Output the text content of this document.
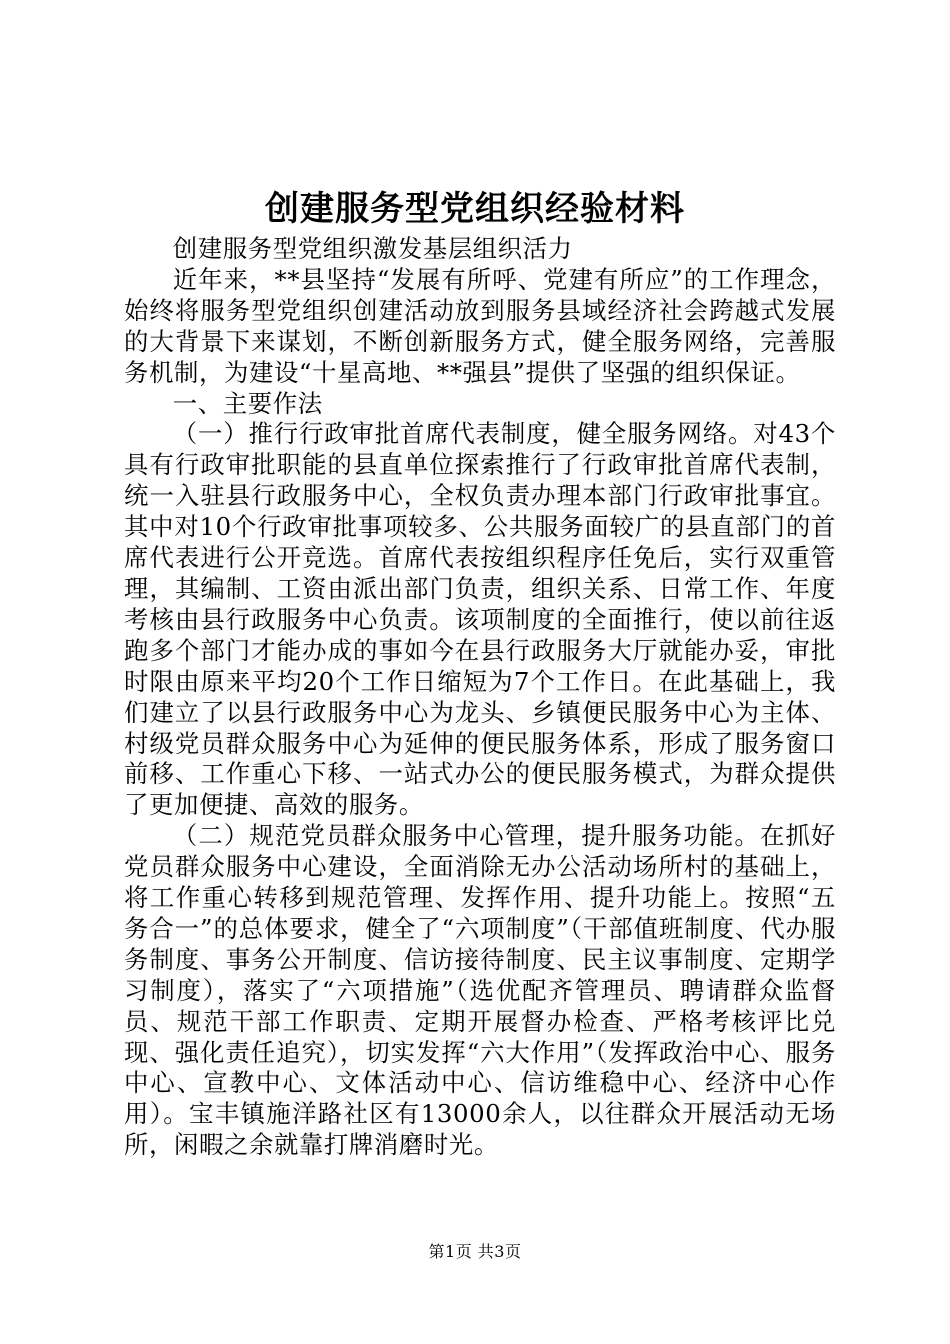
创建服务型党组织经验材料

创建服务型党组织激发基层组织活力

近年来，**县坚持“发展有所呼、党建有所应”的工作理念，始终将服务型党组织创建活动放到服务县域经济社会跨越式发展的大背景下来谋划，不断创新服务方式，健全服务网络，完善服务机制，为建设“十星高地、**强县”提供了坚强的组织保证。

一、主要作法

（一）推行行政审批首席代表制度，健全服务网络。对43个具有行政审批职能的县直单位探索推行了行政审批首席代表制，统一入驻县行政服务中心，全权负责办理本部门行政审批事宜。其中对10个行政审批事项较多、公共服务面较广的县直部门的首席代表进行公开竞选。首席代表按组织程序任免后，实行双重管理，其编制、工资由派出部门负责，组织关系、日常工作、年度考核由县行政服务中心负责。该项制度的全面推行，使以前往返跑多个部门才能办成的事如今在县行政服务大厅就能办妥，审批时限由原来平均20个工作日缩短为7个工作日。在此基础上，我们建立了以县行政服务中心为龙头、乡镇便民服务中心为主体、村级党员群众服务中心为延伸的便民服务体系，形成了服务窗口前移、工作重心下移、一站式办公的便民服务模式，为群众提供了更加便捷、高效的服务。

（二）规范党员群众服务中心管理，提升服务功能。在抓好党员群众服务中心建设，全面消除无办公活动场所村的基础上，将工作重心转移到规范管理、发挥作用、提升功能上。按照“五务合一”的总体要求，健全了“六项制度”（干部值班制度、代办服务制度、事务公开制度、信访接待制度、民主议事制度、定期学习制度），落实了“六项措施”（选优配齐管理员、聘请群众监督员、规范干部工作职责、定期开展督办检查、严格考核评比兑现、强化责任追究），切实发挥“六大作用”（发挥政治中心、服务中心、宣教中心、文体活动中心、信访维稳中心、经济中心作用）。宝丰镇施洋路社区有13000余人，以往群众开展活动无场所，闲暇之余就靠打牌消磨时光。

第1页 共3页
